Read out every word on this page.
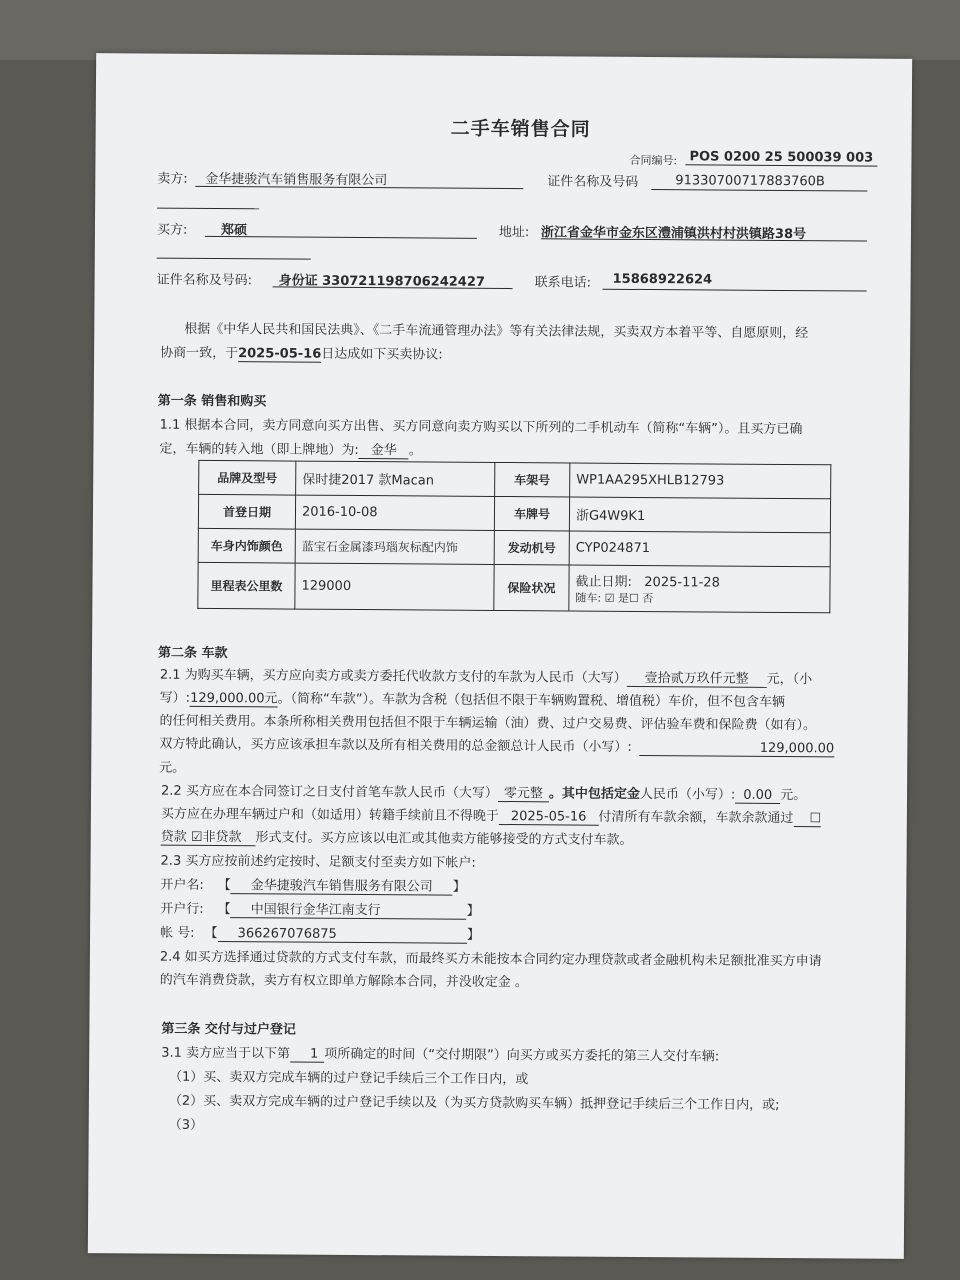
二手车销售合同
合同编号: POS 0200 25 500039 003
卖方: 金华捷骏汽车销售服务有限公司	证件名称及号码	91330700717883760B
买方:	郑硕	地址: 浙江省金华市金东区澧浦镇洪村村洪镇路38号
证件名称及号码: 身份证 330721198706242427	联系电话: 15868922624
根据《中华人民共和国民法典》、《二手车流通管理办法》等有关法律法规，买卖双方本着平等、自愿原则，经
协商一致，于2025-05-16日达成如下买卖协议:
第一条 销售和购买
1.1 根据本合同，卖方同意向买方出售、买方同意向卖方购买以下所列的二手机动车（简称“车辆”）。且买方已确
定，车辆的转入地（即上牌地）为: 金华 。
品牌及型号	保时捷2017 款Macan	车架号	WP1AA295XHLB12793
首登日期	2016-10-08	车牌号	浙G4W9K1
车身内饰颜色	蓝宝石金属漆玛瑙灰标配内饰	发动机号	CYP024871
里程表公里数	129000	保险状况	截止日期: 2025-11-28
随车: ☑ 是☐ 否
第二条 车款
2.1 为购买车辆，买方应向卖方或卖方委托代收款方支付的车款为人民币（大写） 壹拾贰万玖仟元整 元，（小
写）:129,000.00元。（简称“车款”）。车款为含税（包括但不限于车辆购置税、增值税）车价，但不包含车辆
的任何相关费用。本条所称相关费用包括但不限于车辆运输（油）费、过户交易费、评估验车费和保险费（如有）。
双方特此确认，买方应该承担车款以及所有相关费用的总金额总计人民币（小写）:	129,000.00
元。
2.2 买方应在本合同签订之日支付首笔车款人民币（大写） 零元整 。其中包括定金人民币（小写）: 0.00 元。
买方应在办理车辆过户和（如适用）转籍手续前且不得晚于 2025-05-16 付清所有车款余额，车款余款通过 ☐
贷款 ☑非贷款 形式支付。买方应该以电汇或其他卖方能够接受的方式支付车款。
2.3 买方应按前述约定按时、足额支付至卖方如下帐户:
开户名: 【 金华捷骏汽车销售服务有限公司 】
开户行: 【 中国银行金华江南支行	】
帐 号: 【 366267076875	】
2.4 如买方选择通过贷款的方式支付车款，而最终买方未能按本合同约定办理贷款或者金融机构未足额批准买方申请
的汽车消费贷款，卖方有权立即单方解除本合同，并没收定金 。
第三条 交付与过户登记
3.1 卖方应当于以下第 1 项所确定的时间（“交付期限”）向买方或买方委托的第三人交付车辆:
（1）买、卖双方完成车辆的过户登记手续后三个工作日内，或
（2）买、卖双方完成车辆的过户登记手续以及（为买方贷款购买车辆）抵押登记手续后三个工作日内，或;
（3）
